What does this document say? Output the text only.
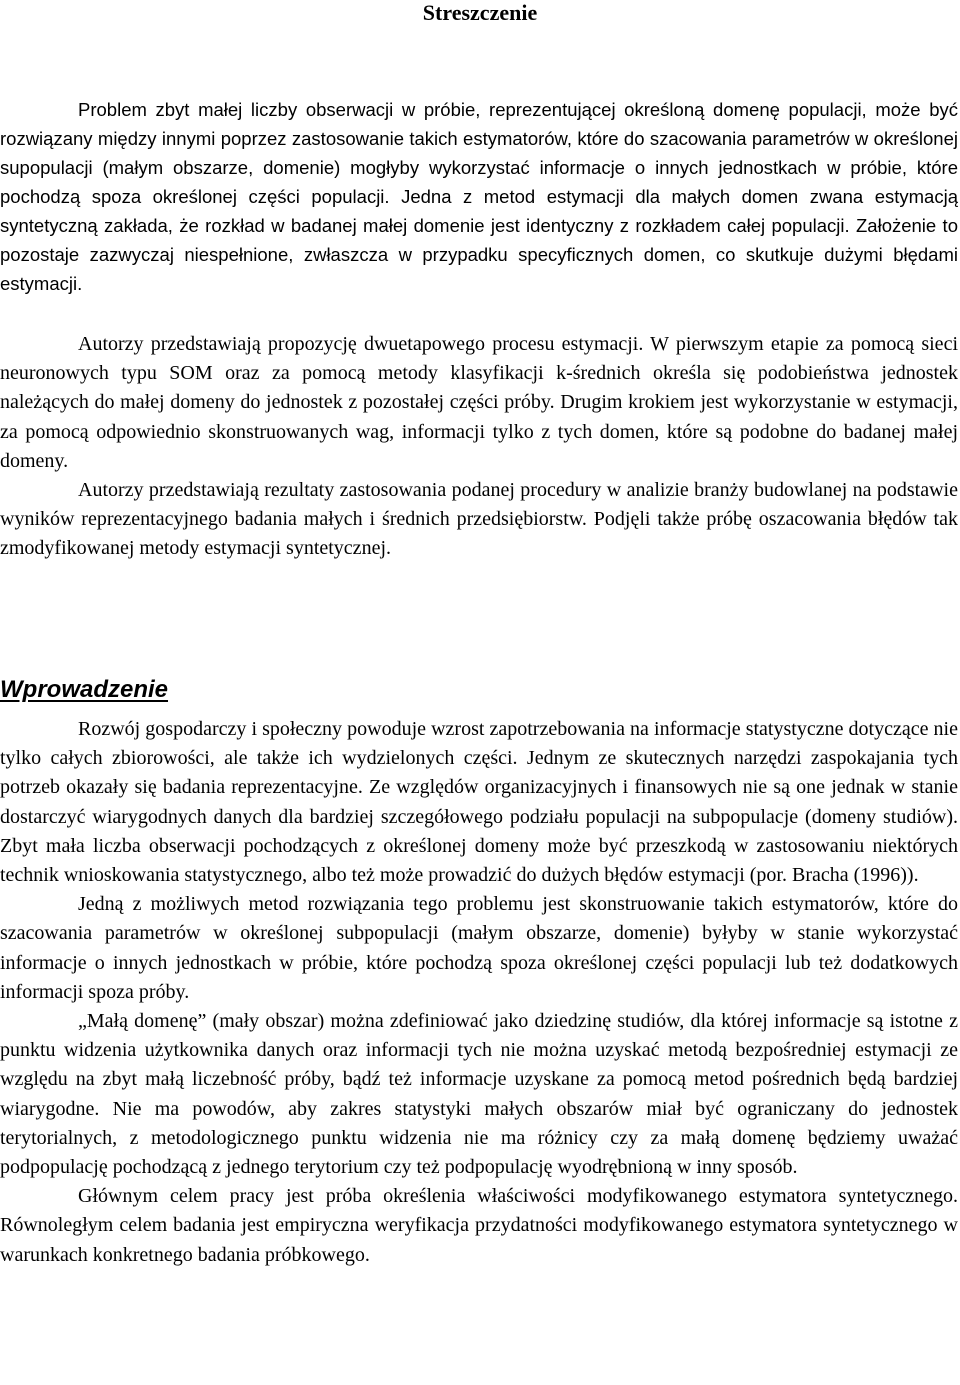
Streszczenie

Problem zbyt małej liczby obserwacji w próbie, reprezentującej określoną domenę populacji, może być rozwiązany między innymi poprzez zastosowanie takich estymatorów, które do szacowania parametrów w określonej supopulacji (małym obszarze, domenie) mogłyby wykorzystać informacje o innych jednostkach w próbie, które pochodzą spoza określonej części populacji. Jedna z metod estymacji dla małych domen zwana estymacją syntetyczną zakłada, że rozkład w badanej małej domenie jest identyczny z rozkładem całej populacji. Założenie to pozostaje zazwyczaj niespełnione, zwłaszcza w przypadku specyficznych domen, co skutkuje dużymi błędami estymacji.

Autorzy przedstawiają propozycję dwuetapowego procesu estymacji. W pierwszym etapie za pomocą sieci neuronowych typu SOM oraz za pomocą metody klasyfikacji k-średnich określa się podobieństwa jednostek należących do małej domeny do jednostek z pozostałej części próby. Drugim krokiem jest wykorzystanie w estymacji, za pomocą odpowiednio skonstruowanych wag, informacji tylko z tych domen, które są podobne do badanej małej domeny.

Autorzy przedstawiają rezultaty zastosowania podanej procedury w analizie branży budowlanej na podstawie wyników reprezentacyjnego badania małych i średnich przedsiębiorstw. Podjęli także próbę oszacowania błędów tak zmodyfikowanej metody estymacji syntetycznej.

Wprowadzenie

Rozwój gospodarczy i społeczny powoduje wzrost zapotrzebowania na informacje statystyczne dotyczące nie tylko całych zbiorowości, ale także ich wydzielonych części. Jednym ze skutecznych narzędzi zaspokajania tych potrzeb okazały się badania reprezentacyjne. Ze względów organizacyjnych i finansowych nie są one jednak w stanie dostarczyć wiarygodnych danych dla bardziej szczegółowego podziału populacji na subpopulacje (domeny studiów). Zbyt mała liczba obserwacji pochodzących z określonej domeny może być przeszkodą w zastosowaniu niektórych technik wnioskowania statystycznego, albo też może prowadzić do dużych błędów estymacji (por. Bracha (1996)).

Jedną z możliwych metod rozwiązania tego problemu jest skonstruowanie takich estymatorów, które do szacowania parametrów w określonej subpopulacji (małym obszarze, domenie) byłyby w stanie wykorzystać informacje o innych jednostkach w próbie, które pochodzą spoza określonej części populacji lub też dodatkowych informacji spoza próby.

„Małą domenę” (mały obszar) można zdefiniować jako dziedzinę studiów, dla której informacje są istotne z punktu widzenia użytkownika danych oraz informacji tych nie można uzyskać metodą bezpośredniej estymacji ze względu na zbyt małą liczebność próby, bądź też informacje uzyskane za pomocą metod pośrednich będą bardziej wiarygodne. Nie ma powodów, aby zakres statystyki małych obszarów miał być ograniczany do jednostek terytorialnych, z metodologicznego punktu widzenia nie ma różnicy czy za małą domenę będziemy uważać podpopulację pochodzącą z jednego terytorium czy też podpopulację wyodrębnioną w inny sposób.

Głównym celem pracy jest próba określenia właściwości modyfikowanego estymatora syntetycznego. Równoległym celem badania jest empiryczna weryfikacja przydatności modyfikowanego estymatora syntetycznego w warunkach konkretnego badania próbkowego.
